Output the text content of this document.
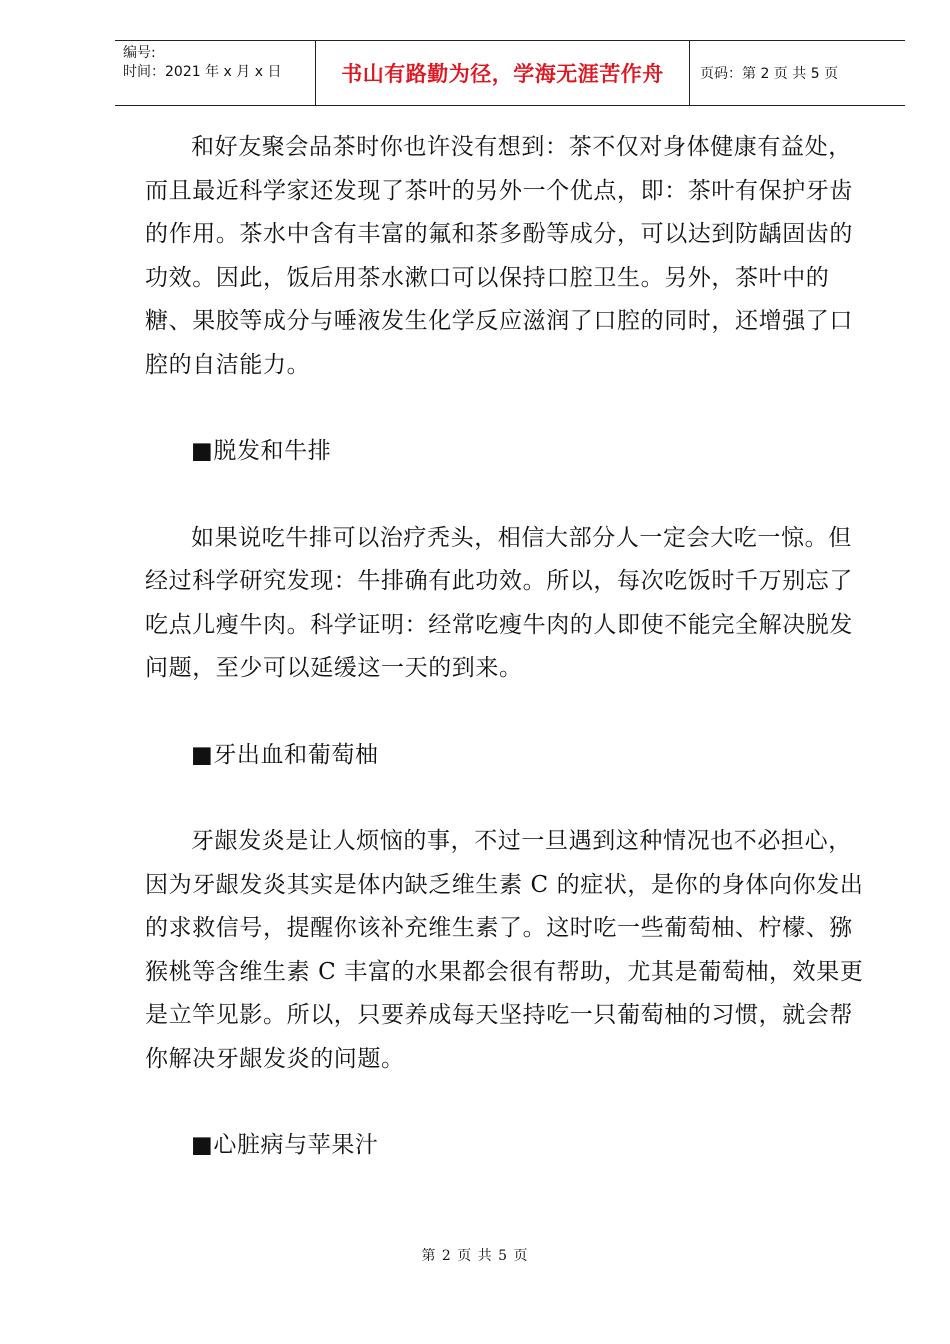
编号:
时间：2021 年 x 月 x 日	书山有路勤为径，学海无涯苦作舟	页码：第 2 页 共 5 页

和好友聚会品茶时你也许没有想到：茶不仅对身体健康有益处，而且最近科学家还发现了茶叶的另外一个优点，即：茶叶有保护牙齿的作用。茶水中含有丰富的氟和茶多酚等成分，可以达到防龋固齿的功效。因此，饭后用茶水漱口可以保持口腔卫生。另外，茶叶中的糖、果胶等成分与唾液发生化学反应滋润了口腔的同时，还增强了口腔的自洁能力。

■脱发和牛排

如果说吃牛排可以治疗秃头，相信大部分人一定会大吃一惊。但经过科学研究发现：牛排确有此功效。所以，每次吃饭时千万别忘了吃点儿瘦牛肉。科学证明：经常吃瘦牛肉的人即使不能完全解决脱发问题，至少可以延缓这一天的到来。

■牙出血和葡萄柚

牙龈发炎是让人烦恼的事，不过一旦遇到这种情况也不必担心，因为牙龈发炎其实是体内缺乏维生素 C 的症状，是你的身体向你发出的求救信号，提醒你该补充维生素了。这时吃一些葡萄柚、柠檬、猕猴桃等含维生素 C 丰富的水果都会很有帮助，尤其是葡萄柚，效果更是立竿见影。所以，只要养成每天坚持吃一只葡萄柚的习惯，就会帮你解决牙龈发炎的问题。

■心脏病与苹果汁

第 2 页 共 5 页
